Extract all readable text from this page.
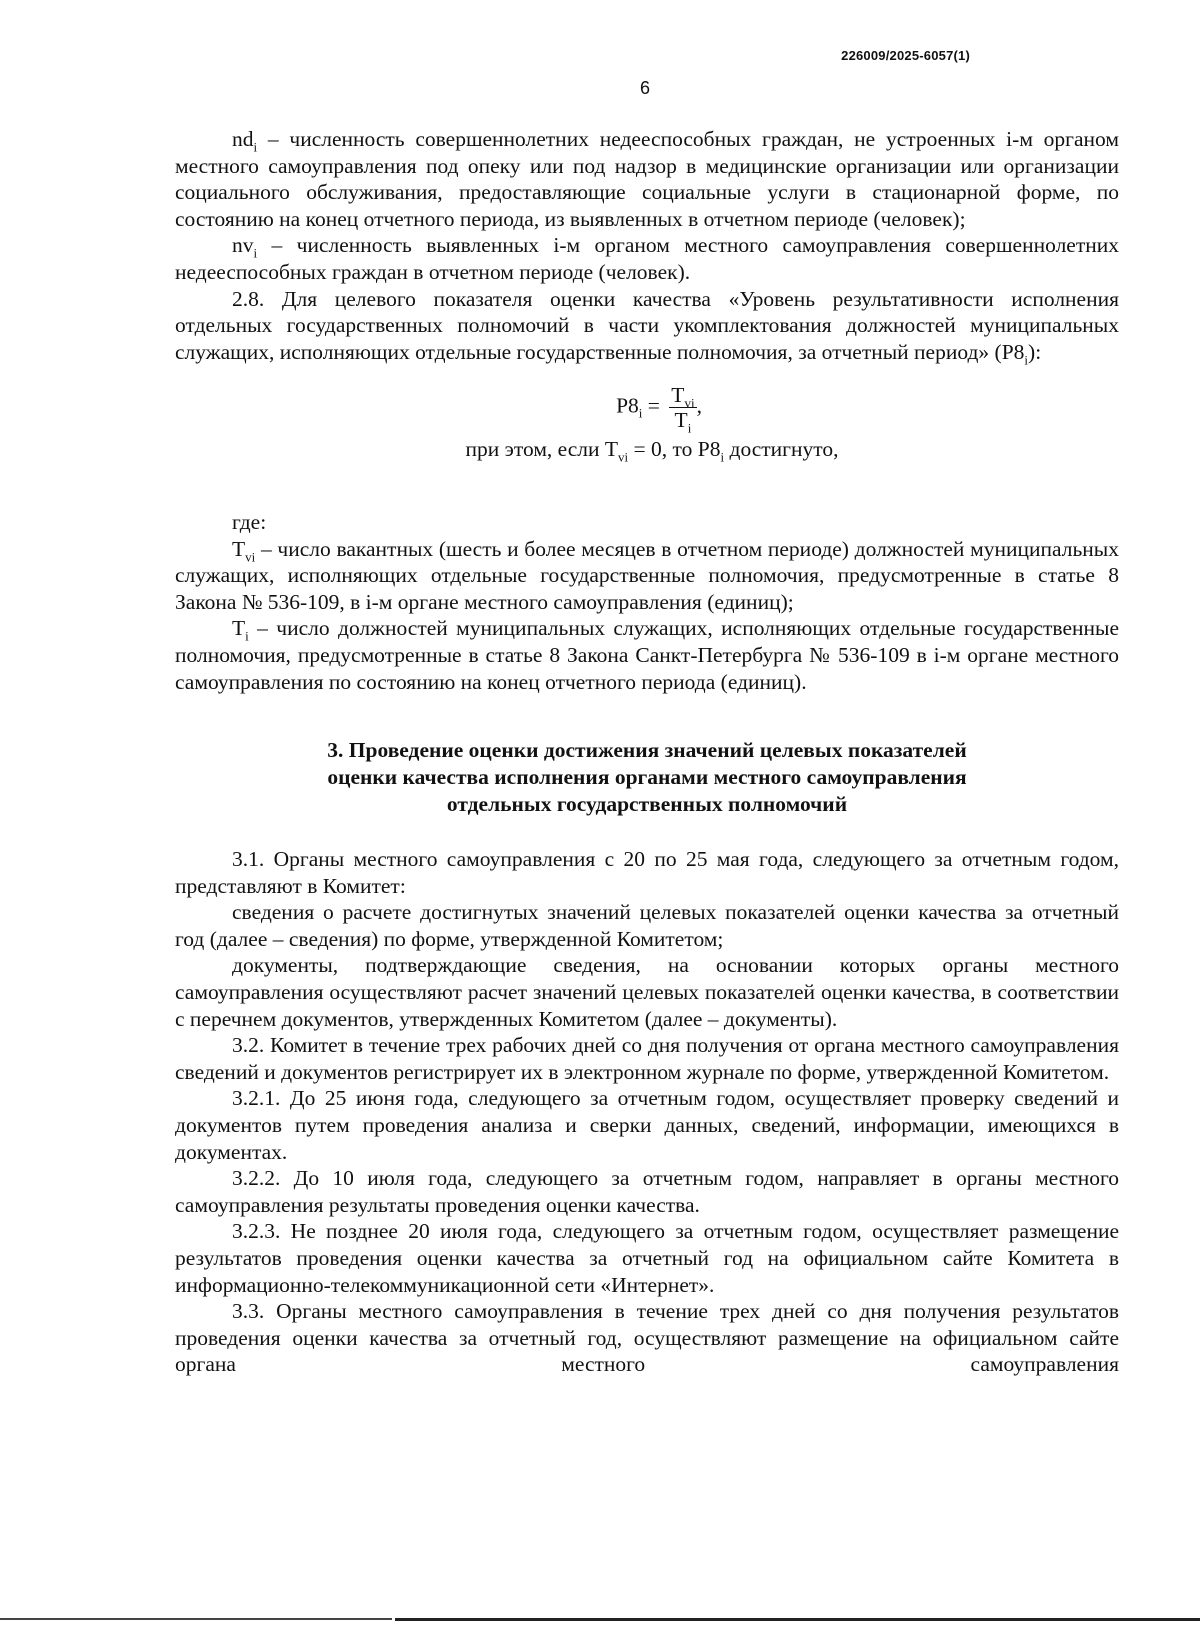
226009/2025-6057(1)
6

$nd_i$ – численность совершеннолетних недееспособных граждан, не устроенных i-м органом местного самоуправления под опеку или под надзор в медицинские организации или организации социального обслуживания, предоставляющие социальные услуги в стационарной форме, по состоянию на конец отчетного периода, из выявленных в отчетном периоде (человек);

$nv_i$ – численность выявленных i-м органом местного самоуправления совершеннолетних недееспособных граждан в отчетном периоде (человек).

2.8. Для целевого показателя оценки качества «Уровень результативности исполнения отдельных государственных полномочий в части укомплектования должностей муниципальных служащих, исполняющих отдельные государственные полномочия, за отчетный период» $(P8_i)$:

$P8_i = \frac{T_{vi}}{T_i}$ ,
при этом, если $T_{vi} = 0$, то $P8_i$ достигнуто,

где:

$T_{vi}$ – число вакантных (шесть и более месяцев в отчетном периоде) должностей муниципальных служащих, исполняющих отдельные государственные полномочия, предусмотренные в статье 8 Закона № 536-109, в i-м органе местного самоуправления (единиц);

$T_i$ – число должностей муниципальных служащих, исполняющих отдельные государственные полномочия, предусмотренные в статье 8 Закона Санкт-Петербурга № 536-109 в i-м органе местного самоуправления по состоянию на конец отчетного периода (единиц).

3. Проведение оценки достижения значений целевых показателей
оценки качества исполнения органами местного самоуправления
отдельных государственных полномочий

3.1. Органы местного самоуправления с 20 по 25 мая года, следующего за отчетным годом, представляют в Комитет:

сведения о расчете достигнутых значений целевых показателей оценки качества за отчетный год (далее – сведения) по форме, утвержденной Комитетом;

документы, подтверждающие сведения, на основании которых органы местного самоуправления осуществляют расчет значений целевых показателей оценки качества, в соответствии с перечнем документов, утвержденных Комитетом (далее – документы).

3.2. Комитет в течение трех рабочих дней со дня получения от органа местного самоуправления сведений и документов регистрирует их в электронном журнале по форме, утвержденной Комитетом.

3.2.1. До 25 июня года, следующего за отчетным годом, осуществляет проверку сведений и документов путем проведения анализа и сверки данных, сведений, информации, имеющихся в документах.

3.2.2. До 10 июля года, следующего за отчетным годом, направляет в органы местного самоуправления результаты проведения оценки качества.

3.2.3. Не позднее 20 июля года, следующего за отчетным годом, осуществляет размещение результатов проведения оценки качества за отчетный год на официальном сайте Комитета в информационно-телекоммуникационной сети «Интернет».

3.3. Органы местного самоуправления в течение трех дней со дня получения результатов проведения оценки качества за отчетный год, осуществляют размещение на официальном сайте органа местного самоуправления
